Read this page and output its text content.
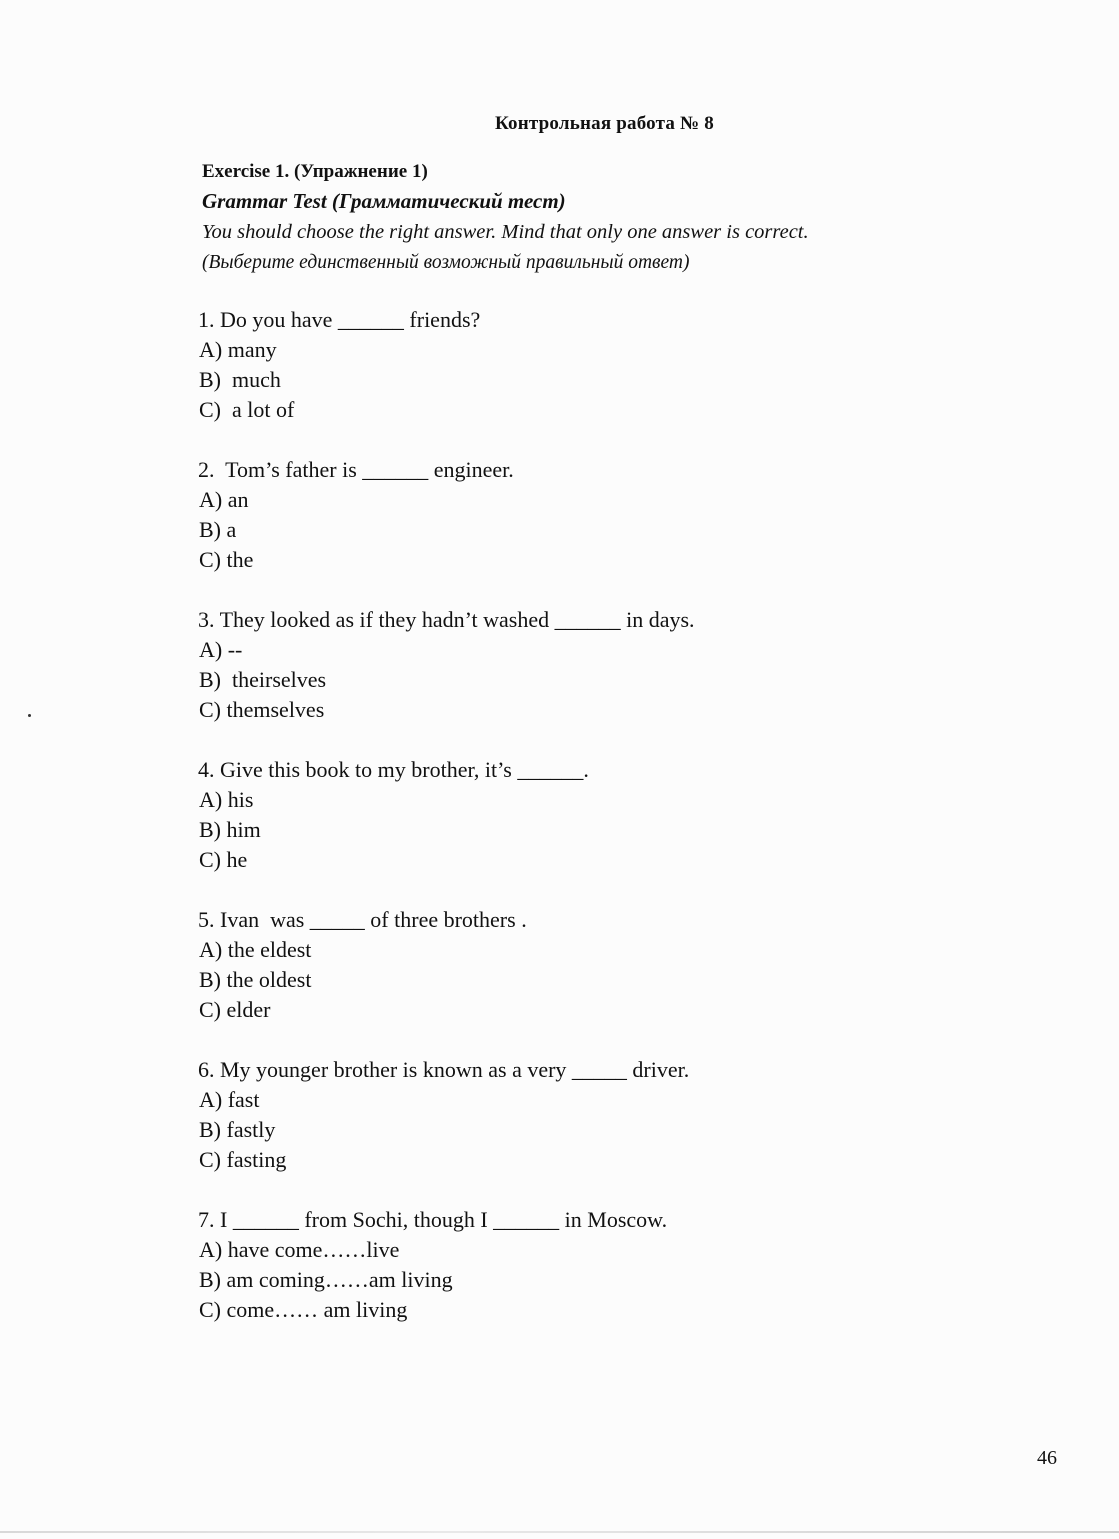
Контрольная работа № 8
Exercise 1. (Упражнение 1)
Grammar Test (Грамматический тест)
You should choose the right answer. Mind that only one answer is correct.
(Выберите единственный возможный правильный ответ)
1. Do you have ______ friends?
A) many
B)  much
C)  a lot of
2.  Tom’s father is ______ engineer.
A) an
B) a
C) the
3. They looked as if they hadn’t washed ______ in days.
A) --
B)  theirselves
C) themselves
4. Give this book to my brother, it’s ______.
A) his
B) him
C) he
5. Ivan  was _____ of three brothers .
A) the eldest
B) the oldest
C) elder
6. My younger brother is known as a very _____ driver.
A) fast
B) fastly
C) fasting
7. I ______ from Sochi, though I ______ in Moscow.
A) have come……live
B) am coming……am living
C) come…… am living
46
